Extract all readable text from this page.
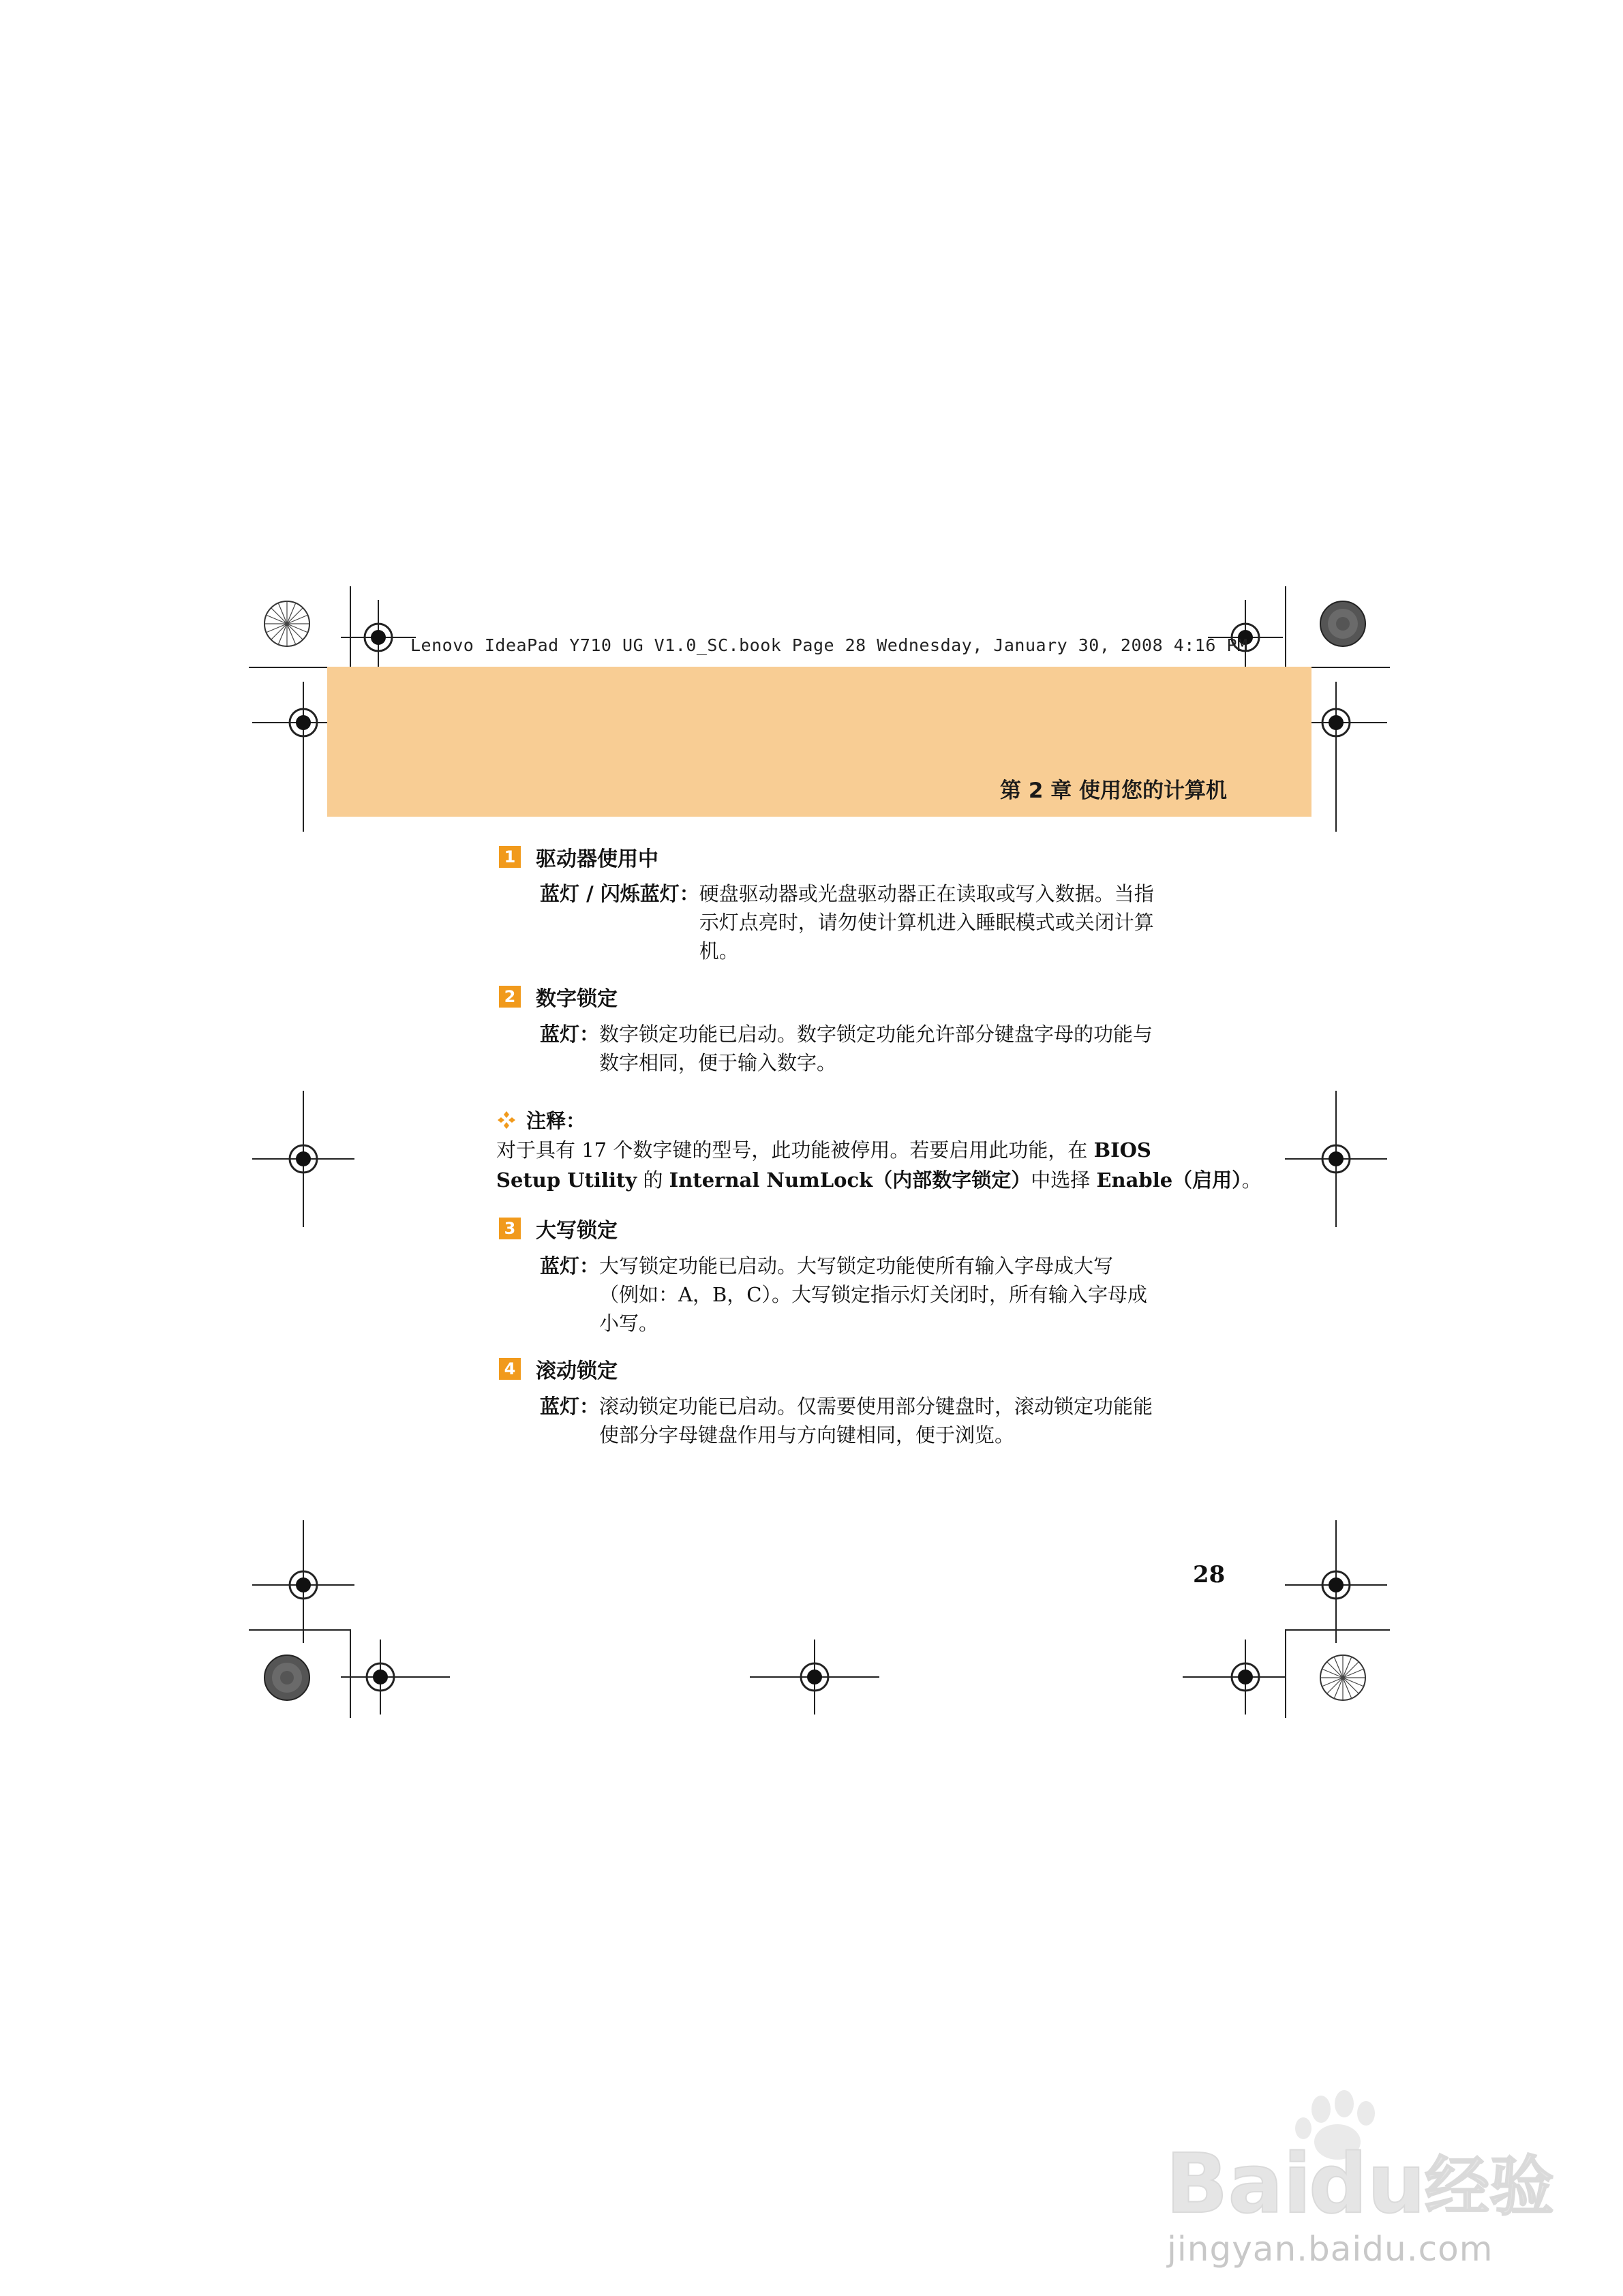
Lenovo IdeaPad Y710 UG V1.0_SC.book Page 28 Wednesday, January 30, 2008 4:16 PM
第 2 章 使用您的计算机
1 驱动器使用中
蓝灯 / 闪烁蓝灯： 硬盘驱动器或光盘驱动器正在读取或写入数据。当指
示灯点亮时，请勿使计算机进入睡眠模式或关闭计算
机。
2 数字锁定
蓝灯： 数字锁定功能已启动。数字锁定功能允许部分键盘字母的功能与
数字相同，便于输入数字。
注释：
对于具有 17 个数字键的型号，此功能被停用。若要启用此功能，在 BIOS
Setup Utility 的 Internal NumLock（内部数字锁定）中选择 Enable（启用）。
3 大写锁定
蓝灯： 大写锁定功能已启动。大写锁定功能使所有输入字母成大写
（例如：A，B，C）。大写锁定指示灯关闭时，所有输入字母成
小写。
4 滚动锁定
蓝灯： 滚动锁定功能已启动。仅需要使用部分键盘时，滚动锁定功能能
使部分字母键盘作用与方向键相同，便于浏览。
28
Bai
du
经验
jingyan.baidu.com
